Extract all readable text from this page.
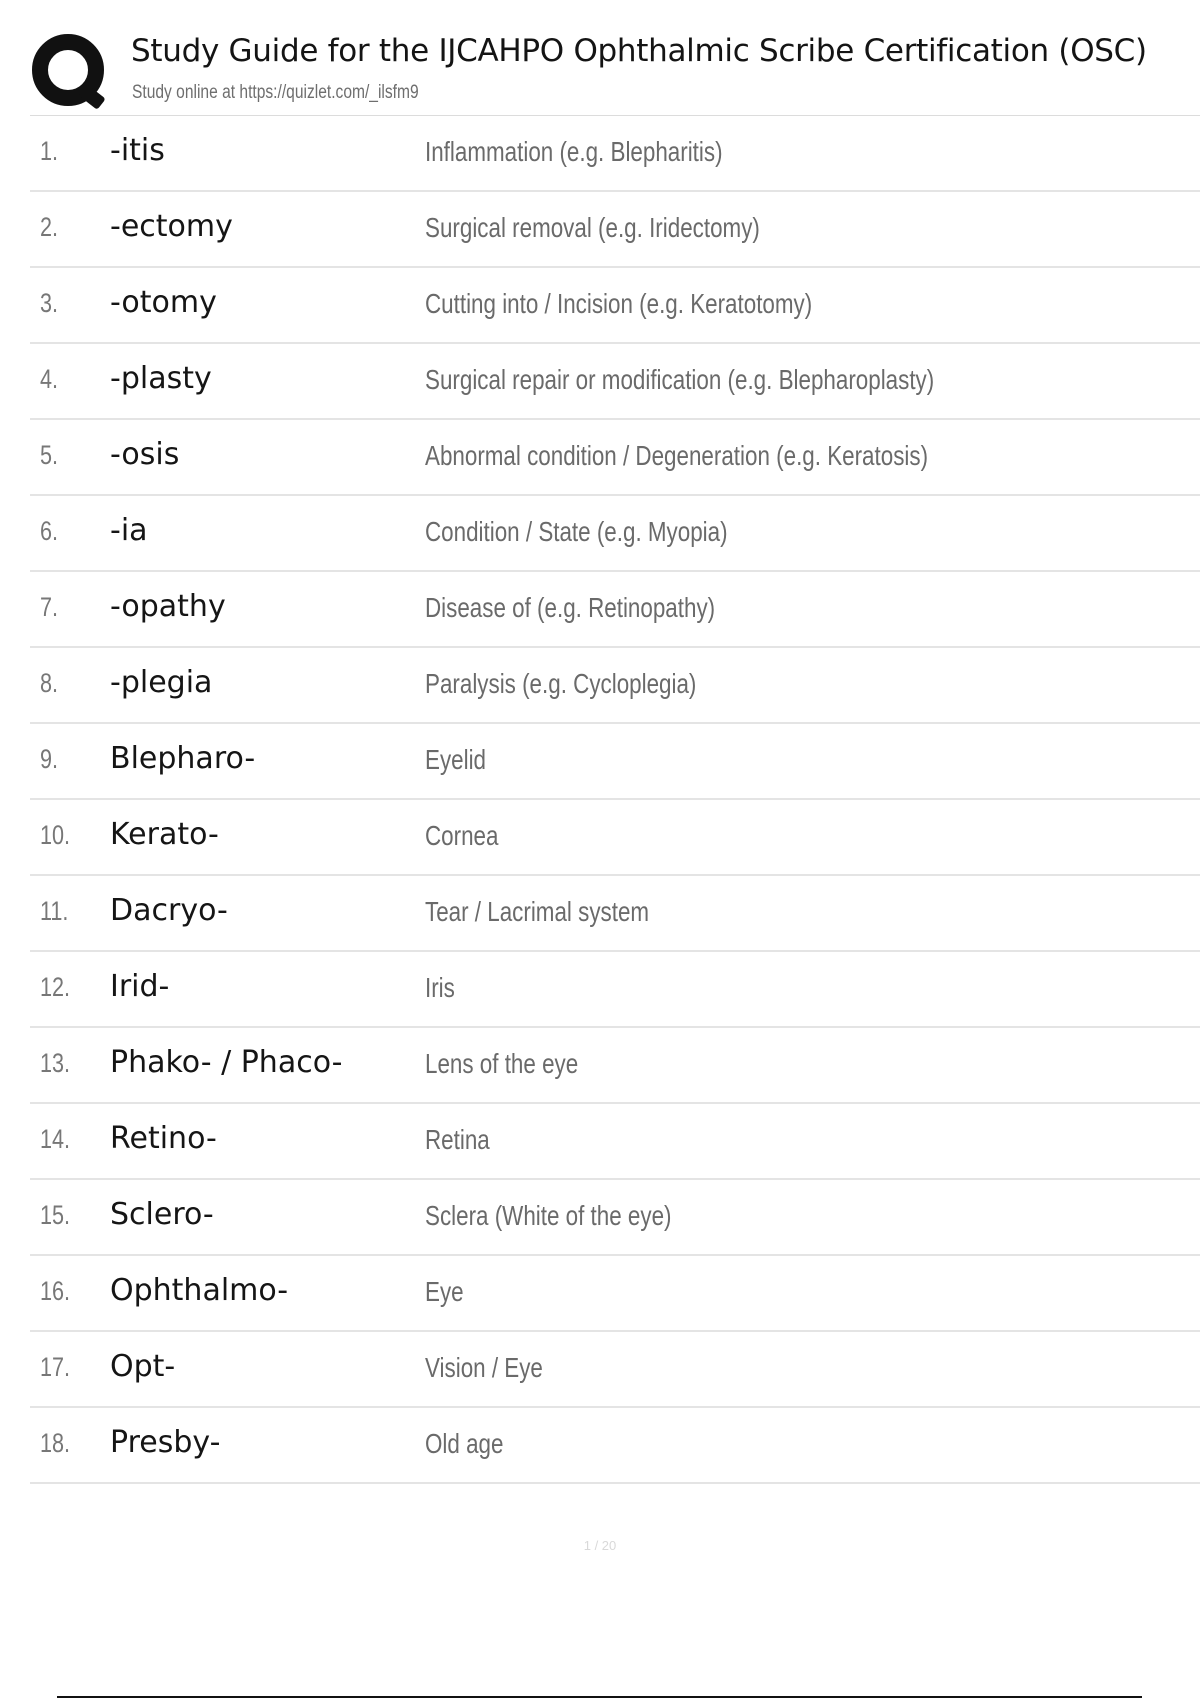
Study Guide for the IJCAHPO Ophthalmic Scribe Certification (OSC)
Study online at https://quizlet.com/_ilsfm9
1. -itis	Inflammation (e.g. Blepharitis)
2. -ectomy	Surgical removal (e.g. Iridectomy)
3. -otomy	Cutting into / Incision (e.g. Keratotomy)
4. -plasty	Surgical repair or modification (e.g. Blepharoplasty)
5. -osis	Abnormal condition / Degeneration (e.g. Keratosis)
6. -ia	Condition / State (e.g. Myopia)
7. -opathy	Disease of (e.g. Retinopathy)
8. -plegia	Paralysis (e.g. Cycloplegia)
9. Blepharo-	Eyelid
10. Kerato-	Cornea
11. Dacryo-	Tear / Lacrimal system
12. Irid-	Iris
13. Phako- / Phaco-	Lens of the eye
14. Retino-	Retina
15. Sclero-	Sclera (White of the eye)
16. Ophthalmo-	Eye
17. Opt-	Vision / Eye
18. Presby-	Old age
1 / 20
